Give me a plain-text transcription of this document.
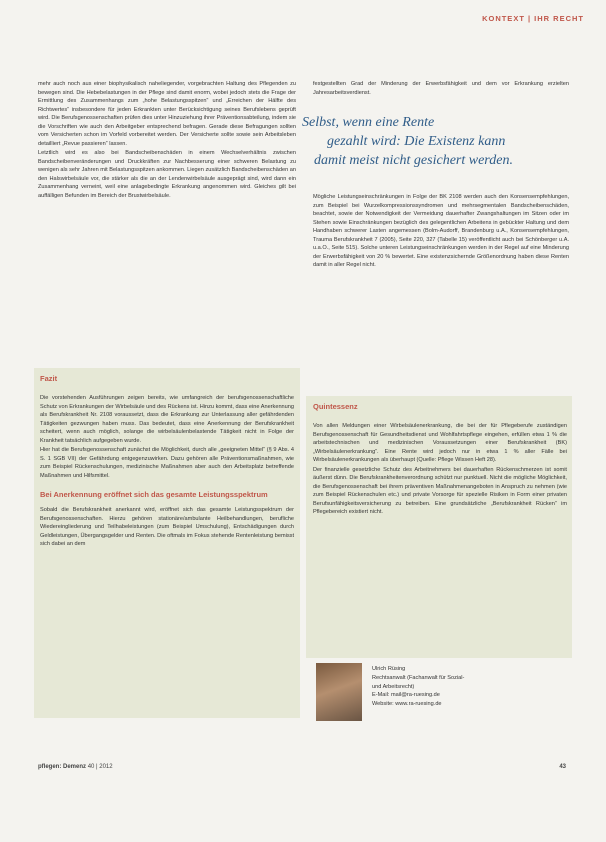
KONTEXT | IHR RECHT

mehr auch noch aus einer biophysikalisch naheliegender, vorgebrachten Haltung des Pflegenden zu bewegen sind. Die Hebebelastungen in der Pflege sind damit enorm, wobei jedoch stets die Frage der Ermittlung des Zusammenhangs zum „hohe Belastungsspitzen“ und „Erreichen der Hälfte des Richtwertes“ insbesondere für jeden Erkrankten unter Berücksichtigung seines Berufslebens geprüft wird. Die Berufsgenossenschaften prüfen dies unter Hinzuziehung ihrer Präventionsabteilung, indem sie die Vorschriften wie auch den Arbeitgeber entsprechend befragen. Gerade diese Befragungen sollten vom Versicherten schon im Vorfeld vorbereitet werden. Der Versicherte sollte sowie sein Arbeitsleben detailliert „Revue passieren“ lassen.

Letztlich wird es also bei Bandscheibenschäden in einem Wechselverhältnis zwischen Bandscheibenveränderungen und Druckkräften zur Nachbesserung einer schweren Belastung zu wenigen als sehr Jahren mit Belastungsspitzen ankommen. Liegen zusätzlich Bandscheibenschäden an den Halswirbelsäule vor, die stärker als die an der Lendenwirbelsäule ausgeprägt sind, wird dann ein Zusammenhang verneint, weil eine anlagebedingte Erkrankung angenommen wird. Gleiches gilt bei auffälligen Befunden im Bereich der Brustwirbelsäule.

Fazit

Die vorstehenden Ausführungen zeigen bereits, wie umfangreich der berufsgenossenschaftliche Schutz von Erkrankungen der Wirbelsäule und des Rückens ist. Hinzu kommt, dass eine Anerkennung als Berufskrankheit Nr. 2108 voraussetzt, dass die Erkrankung zur Unterlassung aller gefährdenden Tätigkeiten gezwungen haben muss. Das bedeutet, dass eine Anerkennung der Berufskrankheit scheitert, wenn auch möglich, solange die wirbelsäulenbelastende Tätigkeit nicht in Folge der Krankheit tatsächlich aufgegeben wurde.

Hier hat die Berufsgenossenschaft zunächst die Möglichkeit, durch alle „geeigneten Mittel“ (§ 9 Abs. 4 S. 1 SGB VII) der Gefährdung entgegenzuwirken. Dazu gehören alle Präventionsmaßnahmen, wie zum Beispiel Rückenschulungen, medizinische Maßnahmen aber auch den Arbeitsplatz betreffende Maßnahmen und Hilfsmittel.

Bei Anerkennung eröffnet sich das gesamte Leistungsspektrum

Sobald die Berufskrankheit anerkannt wird, eröffnet sich das gesamte Leistungsspektrum der Berufsgenossenschaften. Hierzu gehören stationäre/ambulante Heilbehandlungen, berufliche Wiedereingliederung und Teilhabeleistungen (zum Beispiel Umschulung), Entschädigungen durch Geldleistungen, Übergangsgelder und Renten. Die oftmals im Fokus stehende Rentenleistung bemisst sich dabei an dem

festgestellten Grad der Minderung der Erwerbsfähigkeit und dem vor Erkrankung erzielten Jahresarbeitsverdienst.

Selbst, wenn eine Rente
gezahlt wird: Die Existenz kann
damit meist nicht gesichert werden.

Mögliche Leistungseinschränkungen in Folge der BK 2108 werden auch den Konsensempfehlungen, zum Beispiel bei Wurzelkompressionssyndromen und mehrsegmentalen Bandscheibenschäden, beachtet, sowie der Notwendigkeit der Vermeidung dauerhafter Zwangshaltungen im Sitzen oder im Stehen sowie Einschränkungen bezüglich des gelegentlichen Arbeitens in gebückter Haltung und dem Handhaben schwerer Lasten angemessen (Bolm-Audorff, Brandenburg u.A., Konsensempfehlungen, Trauma Berufskrankheit 7 (2005), Seite 220, 327 (Tabelle 15) veröffentlicht auch bei Schönberger u.A. u.a.O., Seite 515). Solche unteren Leistungseinschränkungen werden in der Regel auf eine Minderung der Erwerbsfähigkeit von 20 % bewertet. Eine existenzsichernde Größenordnung haben diese Renten damit in aller Regel nicht.

Quintessenz

Von allen Meldungen einer Wirbelsäulenerkrankung, die bei der für Pflegeberufe zuständigen Berufsgenossenschaft für Gesundheitsdienst und Wohlfahrtspflege eingehen, erfüllen etwa 1 % die arbeitstechnischen und medizinischen Voraussetzungen einer Berufskrankheit (BK) „Wirbelsäulenerkrankung“. Eine Rente wird jedoch nur in etwa 1 % aller Fälle bei Wirbelsäulenerkrankungen als überhaupt (Quelle: Pflege Wissen Heft 28).

Der finanzielle gesetzliche Schutz des Arbeitnehmers bei dauerhaften Rückenschmerzen ist somit äußerst dünn. Die Berufskrankheitenverordnung schützt nur punktuell. Nicht die mögliche Möglichkeit, die Berufsgenossenschaft bei ihrem präventiven Maßnahmenangeboten in Anspruch zu nehmen (wie zum Beispiel Rückenschulen etc.) und private Vorsorge für spezielle Risiken in Form einer privaten Berufsunfähigkeitsversicherung zu betreiben. Eine grundsätzliche „Berufskrankheit Rücken“ im Pflegebereich existiert nicht.

Ulrich Rüsing
Rechtsanwalt (Fachanwalt für Sozial-
und Arbeitsrecht)
E-Mail: mail@ra-ruesing.de
Website: www.ra-ruesing.de
pflegen: Demenz 40 | 2012	43
